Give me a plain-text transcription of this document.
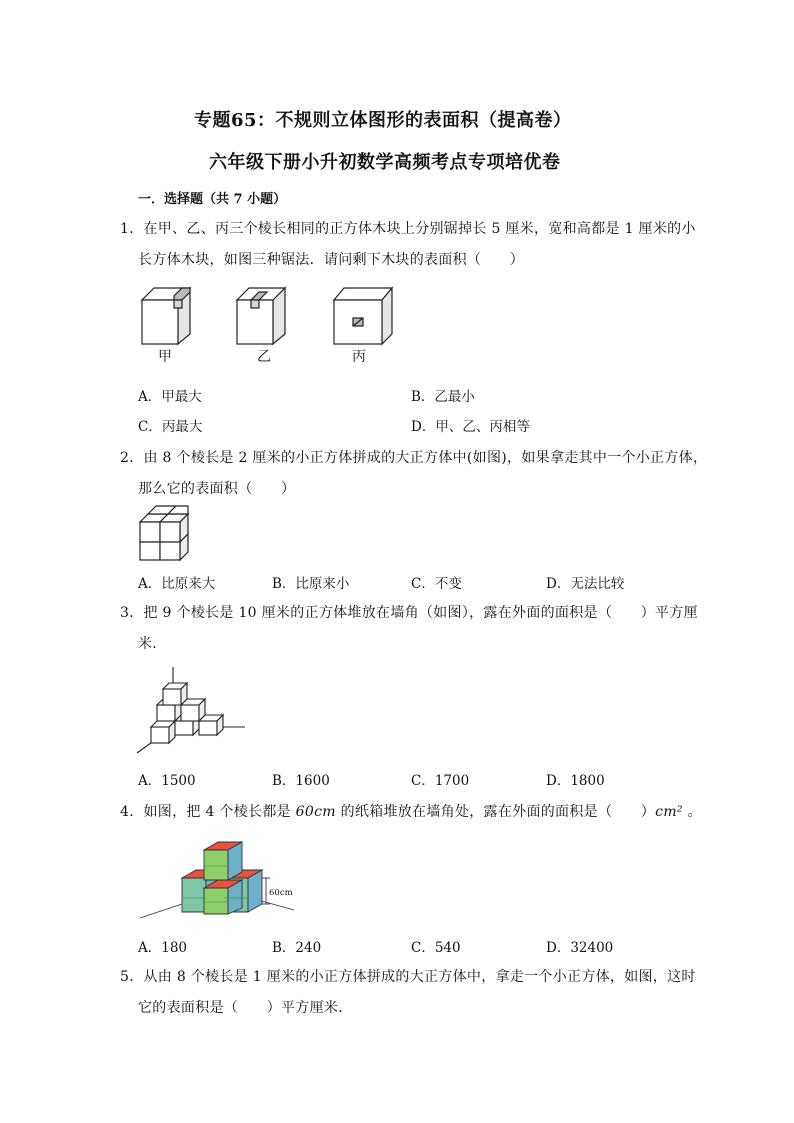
专题65：不规则立体图形的表面积（提高卷）
六年级下册小升初数学高频考点专项培优卷
一．选择题（共 7 小题）
1．在甲、乙、丙三个棱长相同的正方体木块上分别锯掉长 5 厘米，宽和高都是 1 厘米的小
长方体木块，如图三种锯法．请问剩下木块的表面积（　　）
甲	乙	丙
A．甲最大	B．乙最小
C．丙最大	D．甲、乙、丙相等
2．由 8 个棱长是 2 厘米的小正方体拼成的大正方体中(如图)，如果拿走其中一个小正方体，
那么它的表面积（　　）
A．比原来大	B．比原来小	C．不变	D．无法比较
3．把 9 个棱长是 10 厘米的正方体堆放在墙角（如图），露在外面的面积是（　　）平方厘
米．
A．1500	B．1600	C．1700	D．1800
4．如图，把 4 个棱长都是 60cm 的纸箱堆放在墙角处，露在外面的面积是（　　）cm² 。
60cm
A．180	B．240	C．540	D．32400
5．从由 8 个棱长是 1 厘米的小正方体拼成的大正方体中，拿走一个小正方体，如图，这时
它的表面积是（　　）平方厘米．
